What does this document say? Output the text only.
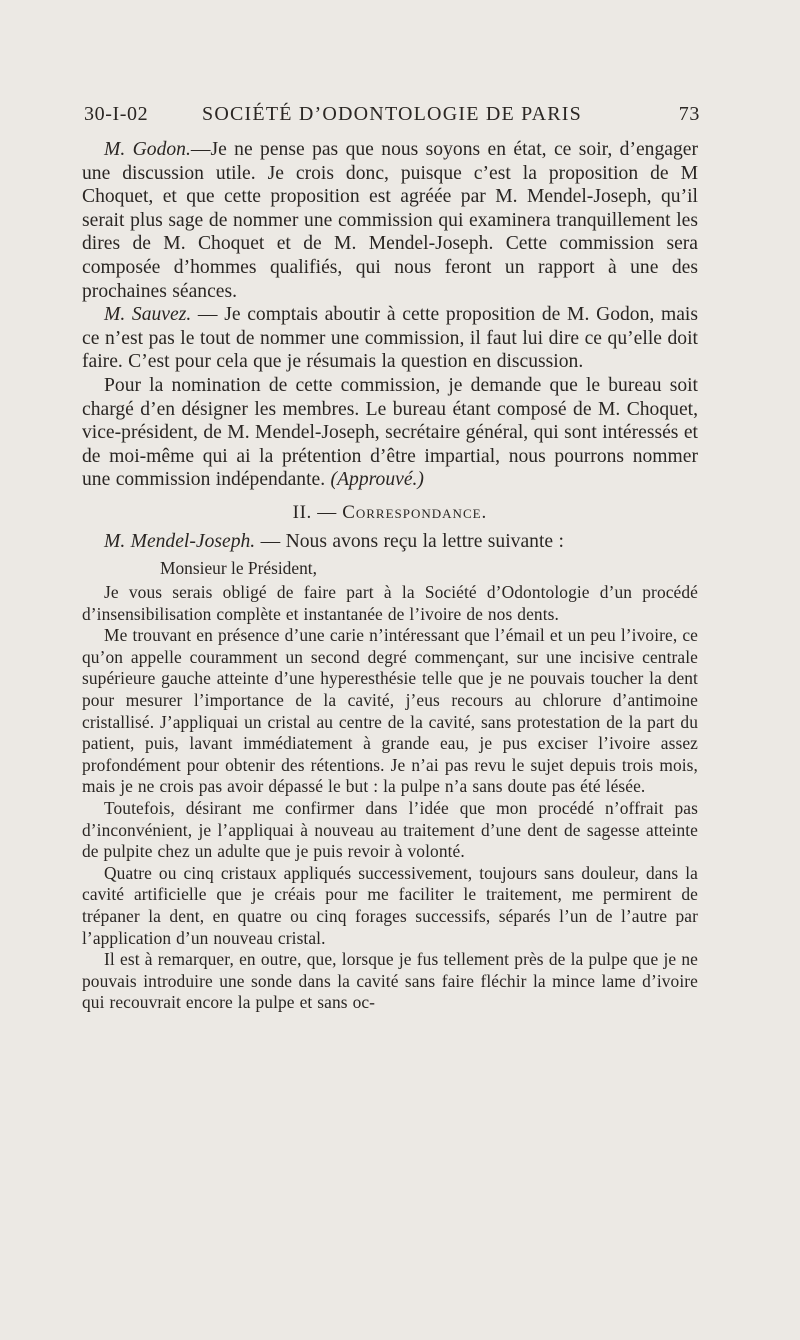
30-I-02	SOCIÉTÉ D’ODONTOLOGIE DE PARIS	73

M. Godon.—Je ne pense pas que nous soyons en état, ce soir, d’engager une discussion utile. Je crois donc, puisque c’est la proposition de M Choquet, et que cette proposition est agréée par M. Mendel-Joseph, qu’il serait plus sage de nommer une commission qui examinera tranquillement les dires de M. Choquet et de M. Mendel-Joseph. Cette commission sera composée d’hommes qualifiés, qui nous feront un rapport à une des prochaines séances.

M. Sauvez. — Je comptais aboutir à cette proposition de M. Godon, mais ce n’est pas le tout de nommer une commission, il faut lui dire ce qu’elle doit faire. C’est pour cela que je résumais la question en discussion.

Pour la nomination de cette commission, je demande que le bureau soit chargé d’en désigner les membres. Le bureau étant composé de M. Choquet, vice-président, de M. Mendel-Joseph, secrétaire général, qui sont intéressés et de moi-même qui ai la prétention d’être impartial, nous pourrons nommer une commission indépendante. (Approuvé.)

II. — Correspondance.

M. Mendel-Joseph. — Nous avons reçu la lettre suivante :

Monsieur le Président,

Je vous serais obligé de faire part à la Société d’Odontologie d’un procédé d’insensibilisation complète et instantanée de l’ivoire de nos dents.

Me trouvant en présence d’une carie n’intéressant que l’émail et un peu l’ivoire, ce qu’on appelle couramment un second degré commençant, sur une incisive centrale supérieure gauche atteinte d’une hyperesthésie telle que je ne pouvais toucher la dent pour mesurer l’importance de la cavité, j’eus recours au chlorure d’antimoine cristallisé. J’appliquai un cristal au centre de la cavité, sans protestation de la part du patient, puis, lavant immédiatement à grande eau, je pus exciser l’ivoire assez profondément pour obtenir des rétentions. Je n’ai pas revu le sujet depuis trois mois, mais je ne crois pas avoir dépassé le but : la pulpe n’a sans doute pas été lésée.

Toutefois, désirant me confirmer dans l’idée que mon procédé n’offrait pas d’inconvénient, je l’appliquai à nouveau au traitement d’une dent de sagesse atteinte de pulpite chez un adulte que je puis revoir à volonté.

Quatre ou cinq cristaux appliqués successivement, toujours sans douleur, dans la cavité artificielle que je créais pour me faciliter le traitement, me permirent de trépaner la dent, en quatre ou cinq forages successifs, séparés l’un de l’autre par l’application d’un nouveau cristal.

Il est à remarquer, en outre, que, lorsque je fus tellement près de la pulpe que je ne pouvais introduire une sonde dans la cavité sans faire fléchir la mince lame d’ivoire qui recouvrait encore la pulpe et sans oc-
